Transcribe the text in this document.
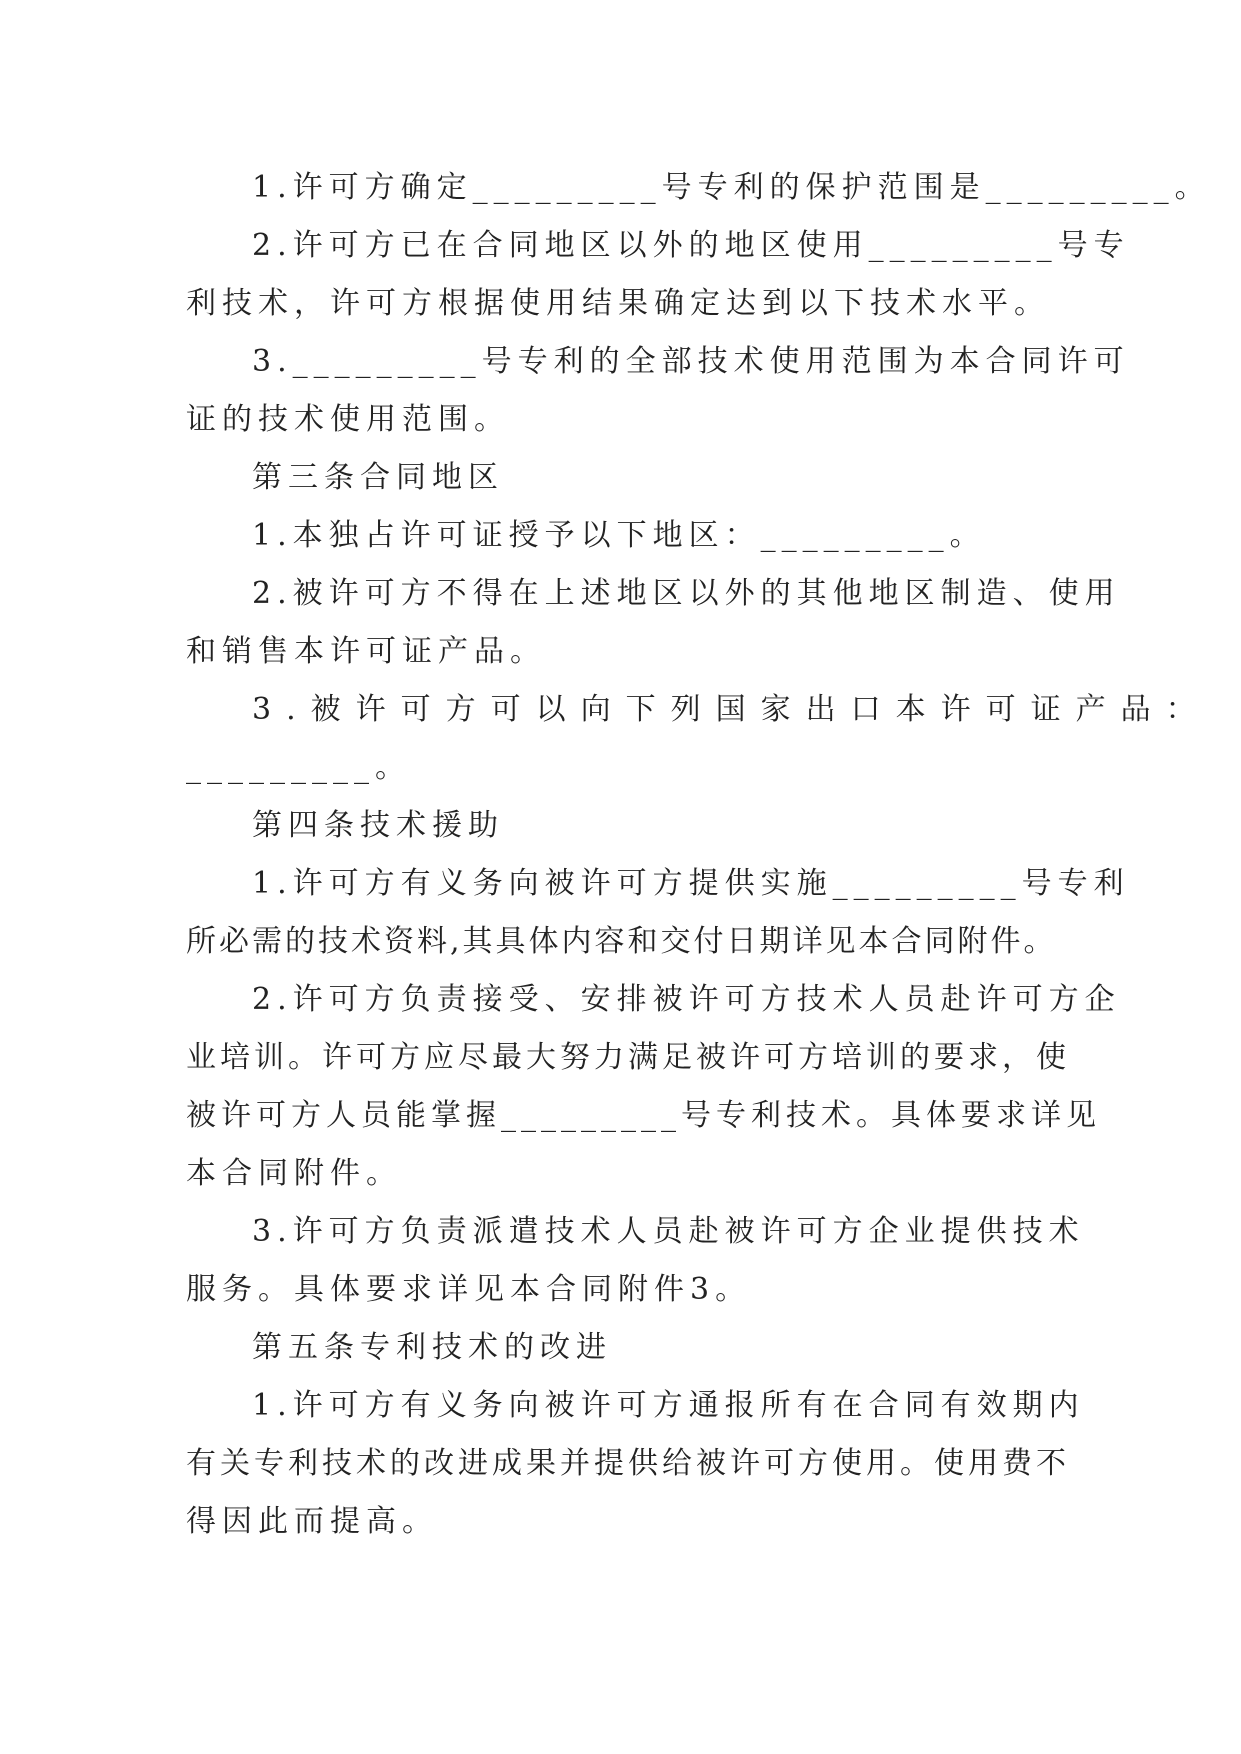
1.许可方确定_________号专利的保护范围是_________。
2.许可方已在合同地区以外的地区使用_________号专
利技术，许可方根据使用结果确定达到以下技术水平。
3._________号专利的全部技术使用范围为本合同许可
证的技术使用范围。
第三条合同地区
1.本独占许可证授予以下地区：_________。
2.被许可方不得在上述地区以外的其他地区制造、使用
和销售本许可证产品。
3.被许可方可以向下列国家出口本许可证产品：
_________。
第四条技术援助
1.许可方有义务向被许可方提供实施_________号专利
所必需的技术资料,其具体内容和交付日期详见本合同附件。
2.许可方负责接受、安排被许可方技术人员赴许可方企
业培训。许可方应尽最大努力满足被许可方培训的要求，使
被许可方人员能掌握_________号专利技术。具体要求详见
本合同附件。
3.许可方负责派遣技术人员赴被许可方企业提供技术
服务。具体要求详见本合同附件3。
第五条专利技术的改进
1.许可方有义务向被许可方通报所有在合同有效期内
有关专利技术的改进成果并提供给被许可方使用。使用费不
得因此而提高。
